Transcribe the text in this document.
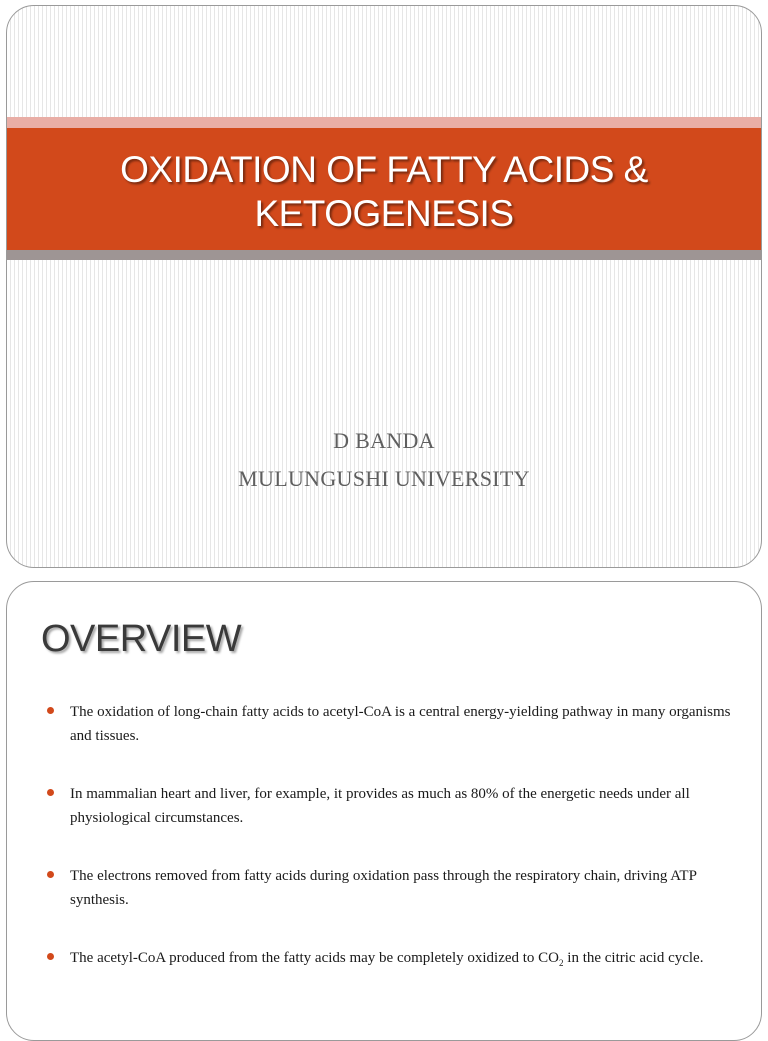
OXIDATION OF FATTY ACIDS &
KETOGENESIS
D BANDA
MULUNGUSHI UNIVERSITY
OVERVIEW
The oxidation of long-chain fatty acids to acetyl-CoA is a central energy-yielding pathway in many organisms and tissues.
In mammalian heart and liver, for example, it provides as much as 80% of the energetic needs under all physiological circumstances.
The electrons removed from fatty acids during oxidation pass through the respiratory chain, driving ATP synthesis.
The acetyl-CoA produced from the fatty acids may be completely oxidized to $CO_2$ in the citric acid cycle.
